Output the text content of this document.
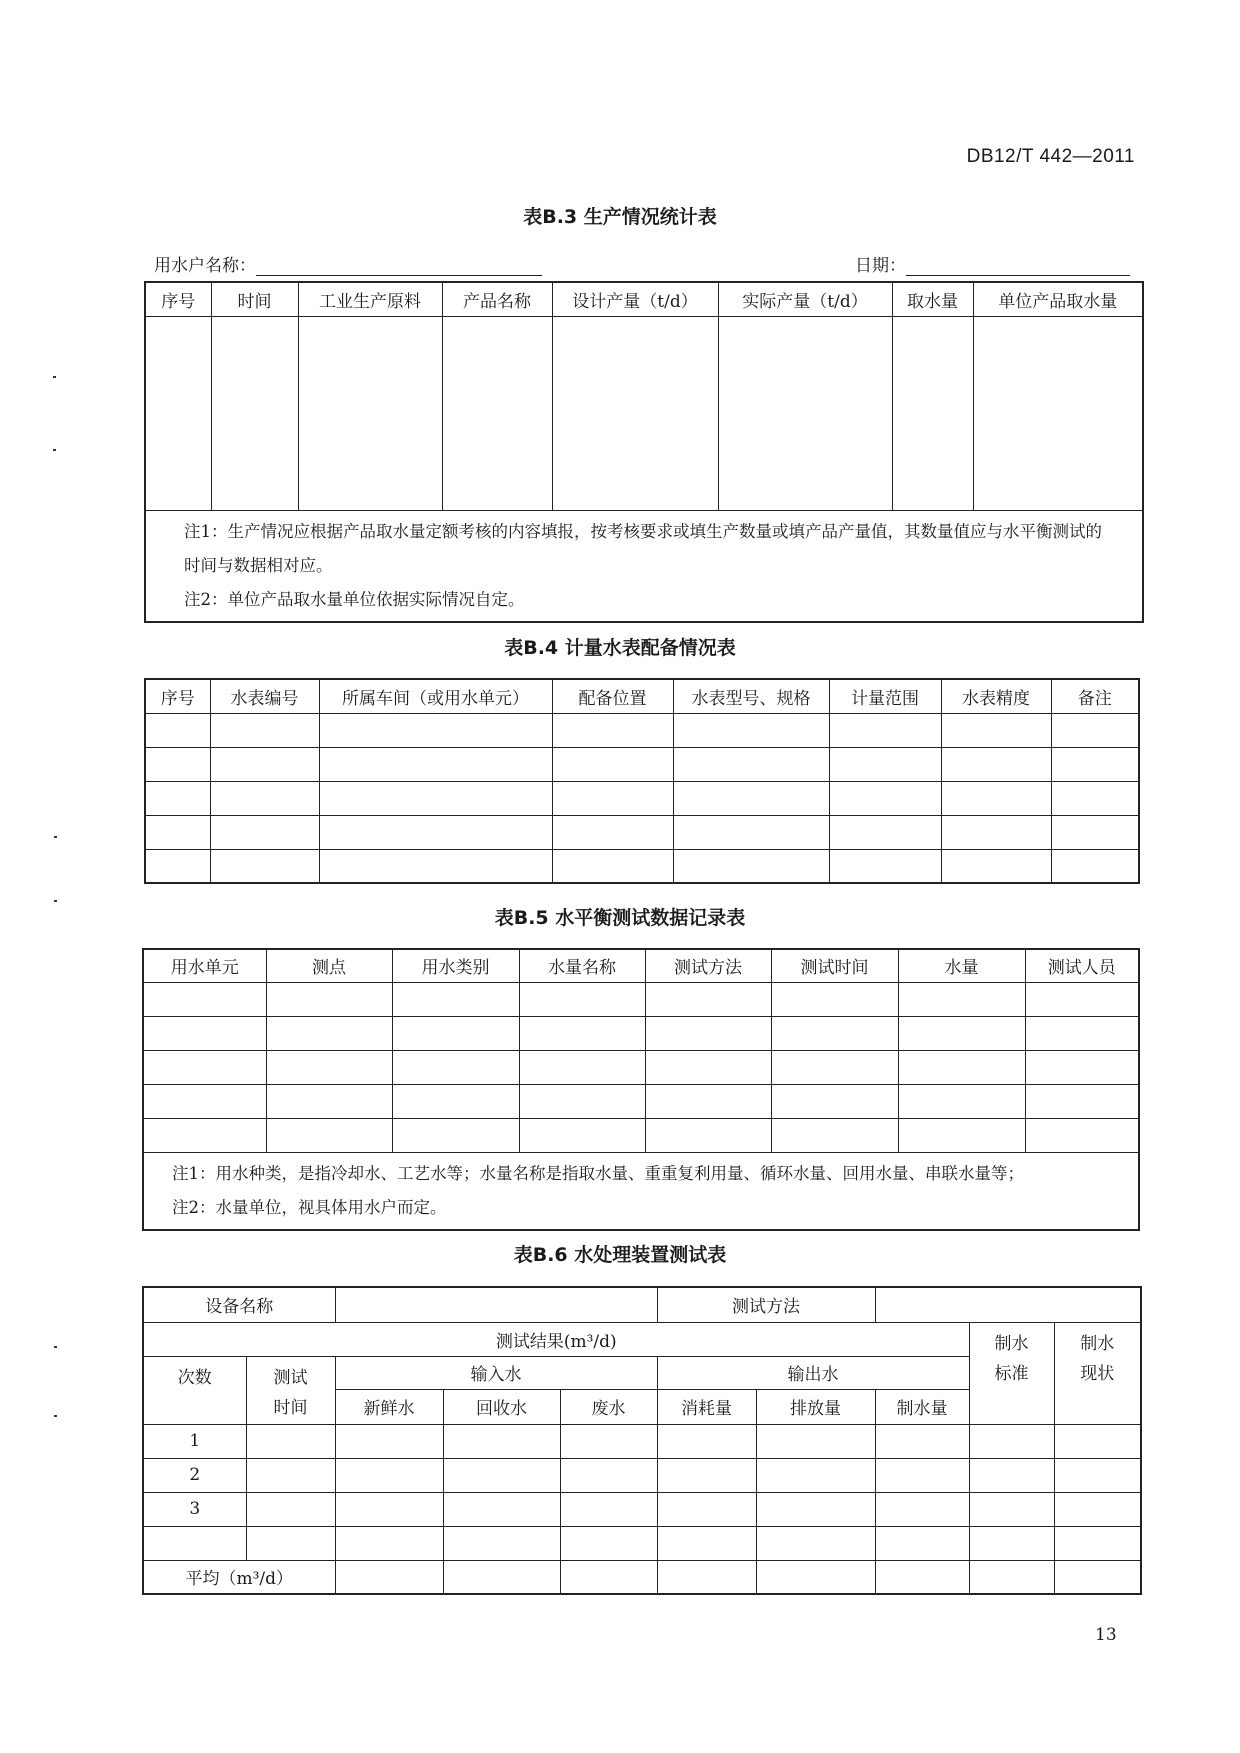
DB12/T 442—2011
表B.3 生产情况统计表
用水户名称：	日期：
序号	时间	工业生产原料	产品名称	设计产量（t/d）	实际产量（t/d）	取水量	单位产品取水量

注1：生产情况应根据产品取水量定额考核的内容填报，按考核要求或填生产数量或填产品产量值，其数量值应与水平衡测试的时间与数据相对应。
注2：单位产品取水量单位依据实际情况自定。							
表B.4 计量水表配备情况表
序号	水表编号	所属车间（或用水单元）	配备位置	水表型号、规格	计量范围	水表精度	备注

表B.5 水平衡测试数据记录表
用水单元	测点	用水类别	水量名称	测试方法	测试时间	水量	测试人员

注1：用水种类，是指冷却水、工艺水等；水量名称是指取水量、重重复利用量、循环水量、回用水量、串联水量等；
注2：水量单位，视具体用水户而定。							
表B.6 水处理装置测试表
设备名称					测试方法				
测试结果(m³/d)								制水标准	制水现状
次数	测试时间	输入水			输出水				
		新鲜水	回收水	废水	消耗量	排放量	制水量		
1									
2									
3									

平均（m³/d）									
13
